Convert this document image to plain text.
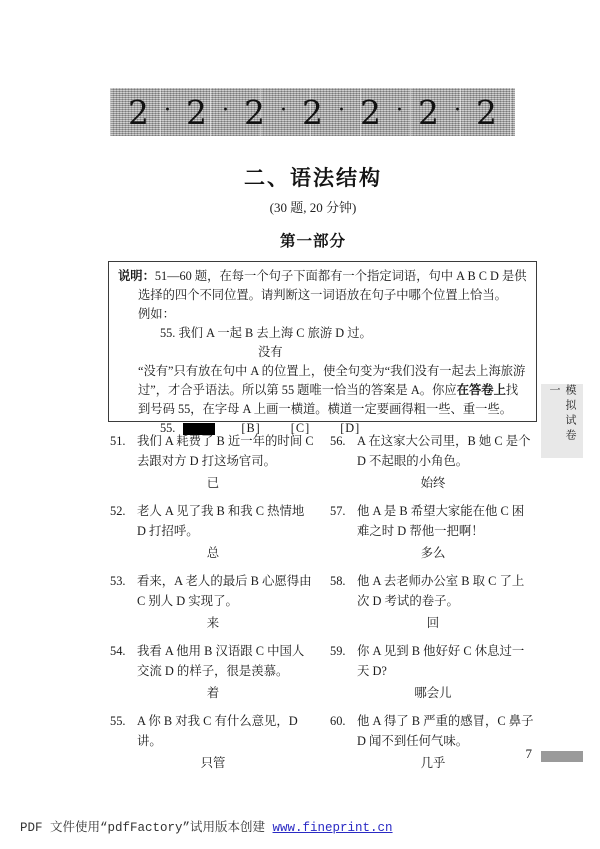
2 · 2 · 2 · 2 · 2 · 2 · 2
二、语法结构
(30 题, 20 分钟)
第一部分

说明：51—60 题，在每一个句子下面都有一个指定词语，句中 A B C D 是供选择的四个不同位置。请判断这一词语放在句子中哪个位置上恰当。

例如：

55. 我们 A 一起 B 去上海 C 旅游 D 过。

没有

“没有”只有放在句中 A 的位置上，使全句变为“我们没有一起去上海旅游过”，才合乎语法。所以第 55 题唯一恰当的答案是 A。你应在答卷上找到号码 55，在字母 A 上画一横道。横道一定要画得粗一些、重一些。

55.	[B] [C] [D]

51. 我们 A 耗费了 B 近一年的时间 C 去跟对方 D 打这场官司。

已

52. 老人 A 见了我 B 和我 C 热情地 D 打招呼。

总

53. 看来，A 老人的最后 B 心愿得由 C 别人 D 实现了。

来

54. 我看 A 他用 B 汉语跟 C 中国人交流 D 的样子，很是羡慕。

着

55. A 你 B 对我 C 有什么意见，D 讲。

只管

56. A 在这家大公司里，B 她 C 是个 D 不起眼的小角色。

始终

57. 他 A 是 B 希望大家能在他 C 困难之时 D 帮他一把啊！

多么

58. 他 A 去老师办公室 B 取 C 了上次 D 考试的卷子。

回

59. 你 A 见到 B 他好好 C 休息过一天 D?

哪会儿

60. 他 A 得了 B 严重的感冒，C 鼻子 D 闻不到任何气味。

几乎

模拟试卷一
7
PDF 文件使用“pdfFactory”试用版本创建 www.fineprint.cn
